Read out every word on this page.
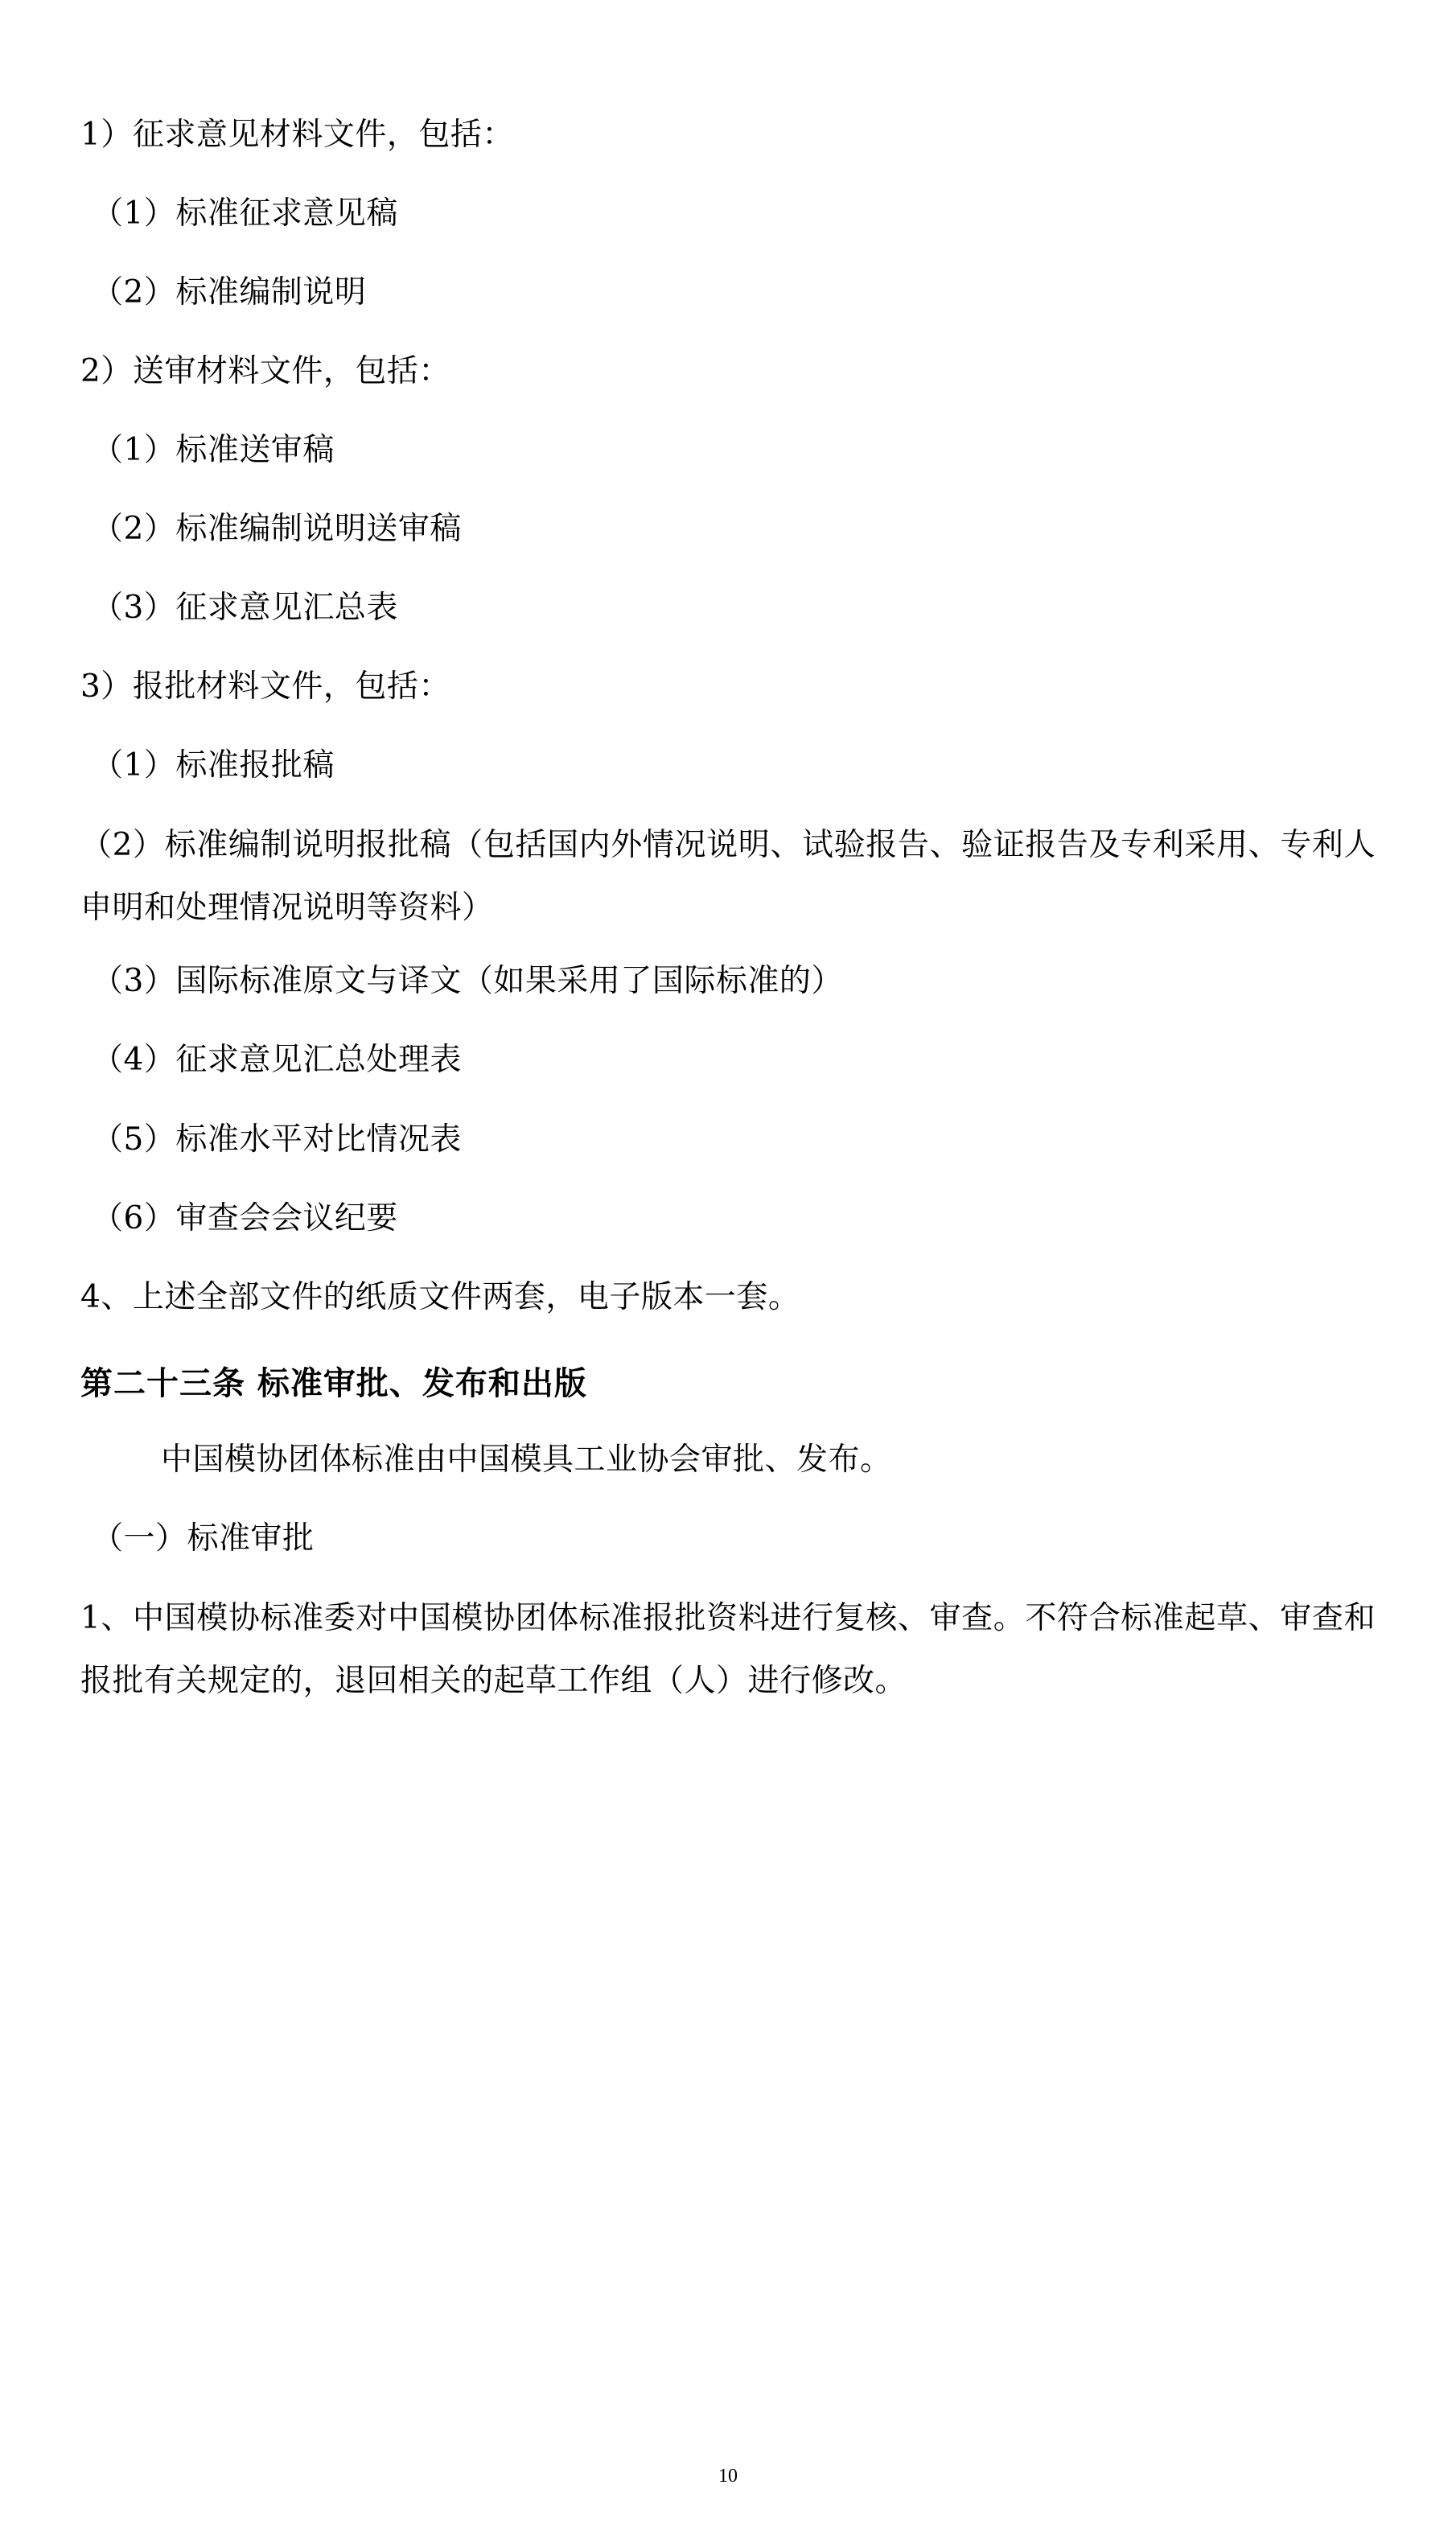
1）征求意见材料文件，包括：

（1）标准征求意见稿

（2）标准编制说明

2）送审材料文件，包括：

（1）标准送审稿

（2）标准编制说明送审稿

（3）征求意见汇总表

3）报批材料文件，包括：

（1）标准报批稿

（2）标准编制说明报批稿（包括国内外情况说明、试验报告、验证报告及专利采用、专利人申明和处理情况说明等资料）

（3）国际标准原文与译文（如果采用了国际标准的）

（4）征求意见汇总处理表

（5）标准水平对比情况表

（6）审查会会议纪要

4、上述全部文件的纸质文件两套，电子版本一套。

第二十三条 标准审批、发布和出版

中国模协团体标准由中国模具工业协会审批、发布。

（一）标准审批

1、中国模协标准委对中国模协团体标准报批资料进行复核、审查。不符合标准起草、审查和报批有关规定的，退回相关的起草工作组（人）进行修改。

10
